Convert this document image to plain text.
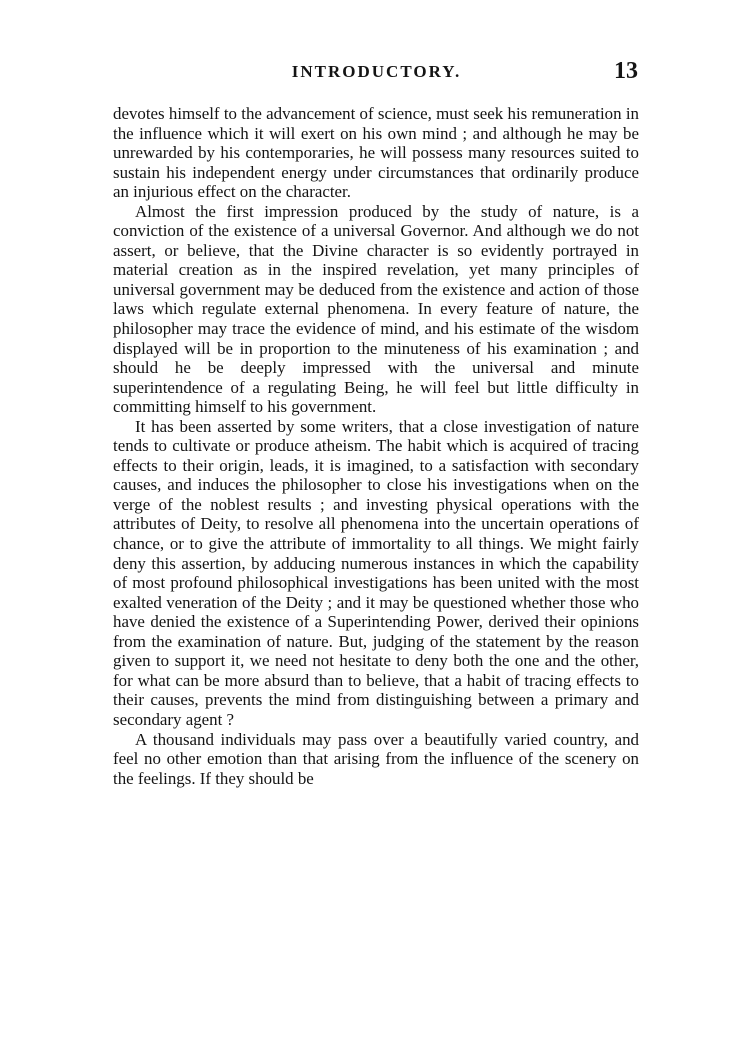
INTRODUCTORY.	13

devotes himself to the advancement of science, must seek his remuneration in the influence which it will exert on his own mind ; and although he may be unrewarded by his contemporaries, he will possess many resources suited to sustain his independent energy under circumstances that ordinarily produce an injurious effect on the character.

Almost the first impression produced by the study of nature, is a conviction of the existence of a universal Governor. And although we do not assert, or believe, that the Divine character is so evidently portrayed in material creation as in the inspired revelation, yet many principles of universal government may be deduced from the existence and action of those laws which regulate external phenomena. In every feature of nature, the philosopher may trace the evidence of mind, and his estimate of the wisdom displayed will be in proportion to the minuteness of his examination ; and should he be deeply impressed with the universal and minute superintendence of a regulating Being, he will feel but little difficulty in committing himself to his government.

It has been asserted by some writers, that a close investigation of nature tends to cultivate or produce atheism. The habit which is acquired of tracing effects to their origin, leads, it is imagined, to a satisfaction with secondary causes, and induces the philosopher to close his investigations when on the verge of the noblest results ; and investing physical operations with the attributes of Deity, to resolve all phenomena into the uncertain operations of chance, or to give the attribute of immortality to all things. We might fairly deny this assertion, by adducing numerous instances in which the capability of most profound philosophical investigations has been united with the most exalted veneration of the Deity ; and it may be questioned whether those who have denied the existence of a Superintending Power, derived their opinions from the examination of nature. But, judging of the statement by the reason given to support it, we need not hesitate to deny both the one and the other, for what can be more absurd than to believe, that a habit of tracing effects to their causes, prevents the mind from distinguishing between a primary and secondary agent ?

A thousand individuals may pass over a beautifully varied country, and feel no other emotion than that arising from the influence of the scenery on the feelings. If they should be
